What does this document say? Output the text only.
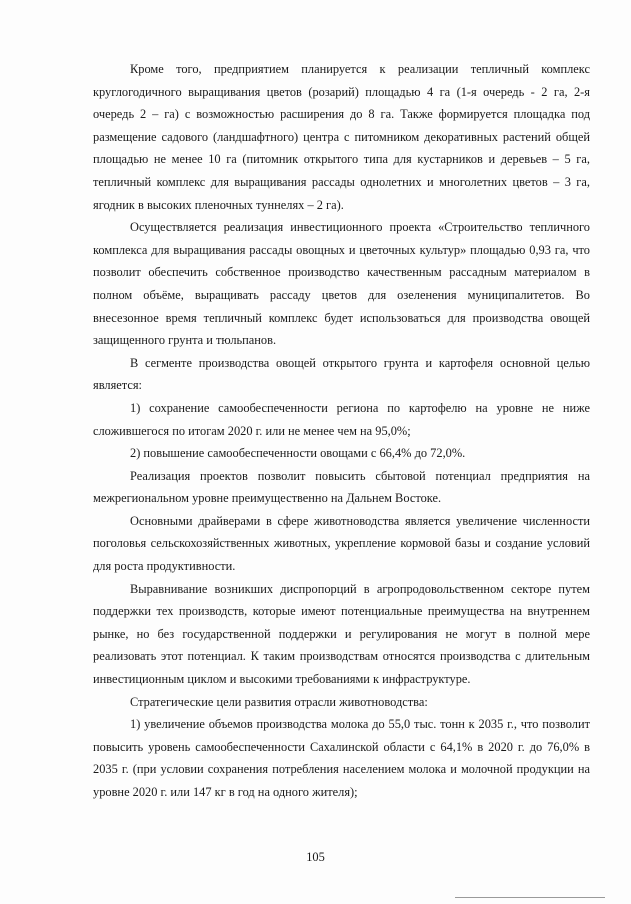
Кроме того, предприятием планируется к реализации тепличный комплекс круглогодичного выращивания цветов (розарий) площадью 4 га (1-я очередь - 2 га, 2-я очередь 2 – га) с возможностью расширения до 8 га. Также формируется площадка под размещение садового (ландшафтного) центра с питомником декоративных растений общей площадью не менее 10 га (питомник открытого типа для кустарников и деревьев – 5 га, тепличный комплекс для выращивания рассады однолетних и многолетних цветов – 3 га, ягодник в высоких пленочных туннелях – 2 га).

Осуществляется реализация инвестиционного проекта «Строительство тепличного комплекса для выращивания рассады овощных и цветочных культур» площадью 0,93 га, что позволит обеспечить собственное производство качественным рассадным материалом в полном объёме, выращивать рассаду цветов для озеленения муниципалитетов. Во внесезонное время тепличный комплекс будет использоваться для производства овощей защищенного грунта и тюльпанов.

В сегменте производства овощей открытого грунта и картофеля основной целью является:

1) сохранение самообеспеченности региона по картофелю на уровне не ниже сложившегося по итогам 2020 г. или не менее чем на 95,0%;

2) повышение самообеспеченности овощами с 66,4% до 72,0%.

Реализация проектов позволит повысить сбытовой потенциал предприятия на межрегиональном уровне преимущественно на Дальнем Востоке.

Основными драйверами в сфере животноводства является увеличение численности поголовья сельскохозяйственных животных, укрепление кормовой базы и создание условий для роста продуктивности.

Выравнивание возникших диспропорций в агропродовольственном секторе путем поддержки тех производств, которые имеют потенциальные преимущества на внутреннем рынке, но без государственной поддержки и регулирования не могут в полной мере реализовать этот потенциал. К таким производствам относятся производства с длительным инвестиционным циклом и высокими требованиями к инфраструктуре.

Стратегические цели развития отрасли животноводства:

1) увеличение объемов производства молока до 55,0 тыс. тонн к 2035 г., что позволит повысить уровень самообеспеченности Сахалинской области с 64,1% в 2020 г. до 76,0% в 2035 г. (при условии сохранения потребления населением молока и молочной продукции на уровне 2020 г. или 147 кг в год на одного жителя);

105
